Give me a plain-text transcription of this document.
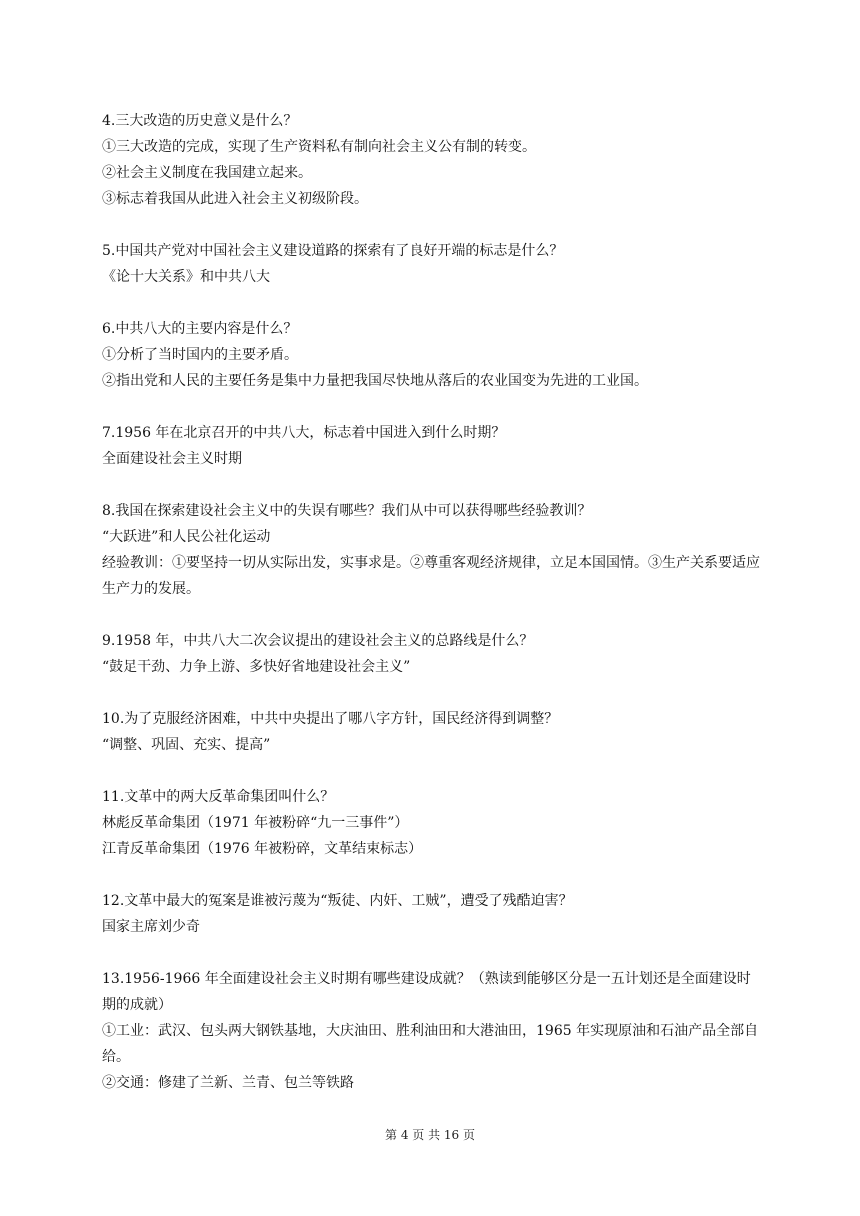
4.三大改造的历史意义是什么？
①三大改造的完成，实现了生产资料私有制向社会主义公有制的转变。
②社会主义制度在我国建立起来。
③标志着我国从此进入社会主义初级阶段。
5.中国共产党对中国社会主义建设道路的探索有了良好开端的标志是什么？
《论十大关系》和中共八大
6.中共八大的主要内容是什么？
①分析了当时国内的主要矛盾。
②指出党和人民的主要任务是集中力量把我国尽快地从落后的农业国变为先进的工业国。
7.1956 年在北京召开的中共八大，标志着中国进入到什么时期？
全面建设社会主义时期
8.我国在探索建设社会主义中的失误有哪些？我们从中可以获得哪些经验教训？
“大跃进”和人民公社化运动
经验教训：①要坚持一切从实际出发，实事求是。②尊重客观经济规律，立足本国国情。③生产关系要适应生产力的发展。
9.1958 年，中共八大二次会议提出的建设社会主义的总路线是什么？
“鼓足干劲、力争上游、多快好省地建设社会主义”
10.为了克服经济困难，中共中央提出了哪八字方针，国民经济得到调整？
“调整、巩固、充实、提高”
11.文革中的两大反革命集团叫什么？
林彪反革命集团（1971 年被粉碎“九一三事件”）
江青反革命集团（1976 年被粉碎，文革结束标志）
12.文革中最大的冤案是谁被污蔑为“叛徒、内奸、工贼”，遭受了残酷迫害？
国家主席刘少奇
13.1956-1966 年全面建设社会主义时期有哪些建设成就？（熟读到能够区分是一五计划还是全面建设时期的成就）
①工业：武汉、包头两大钢铁基地，大庆油田、胜利油田和大港油田，1965 年实现原油和石油产品全部自给。
②交通：修建了兰新、兰青、包兰等铁路
第 4 页 共 16 页
